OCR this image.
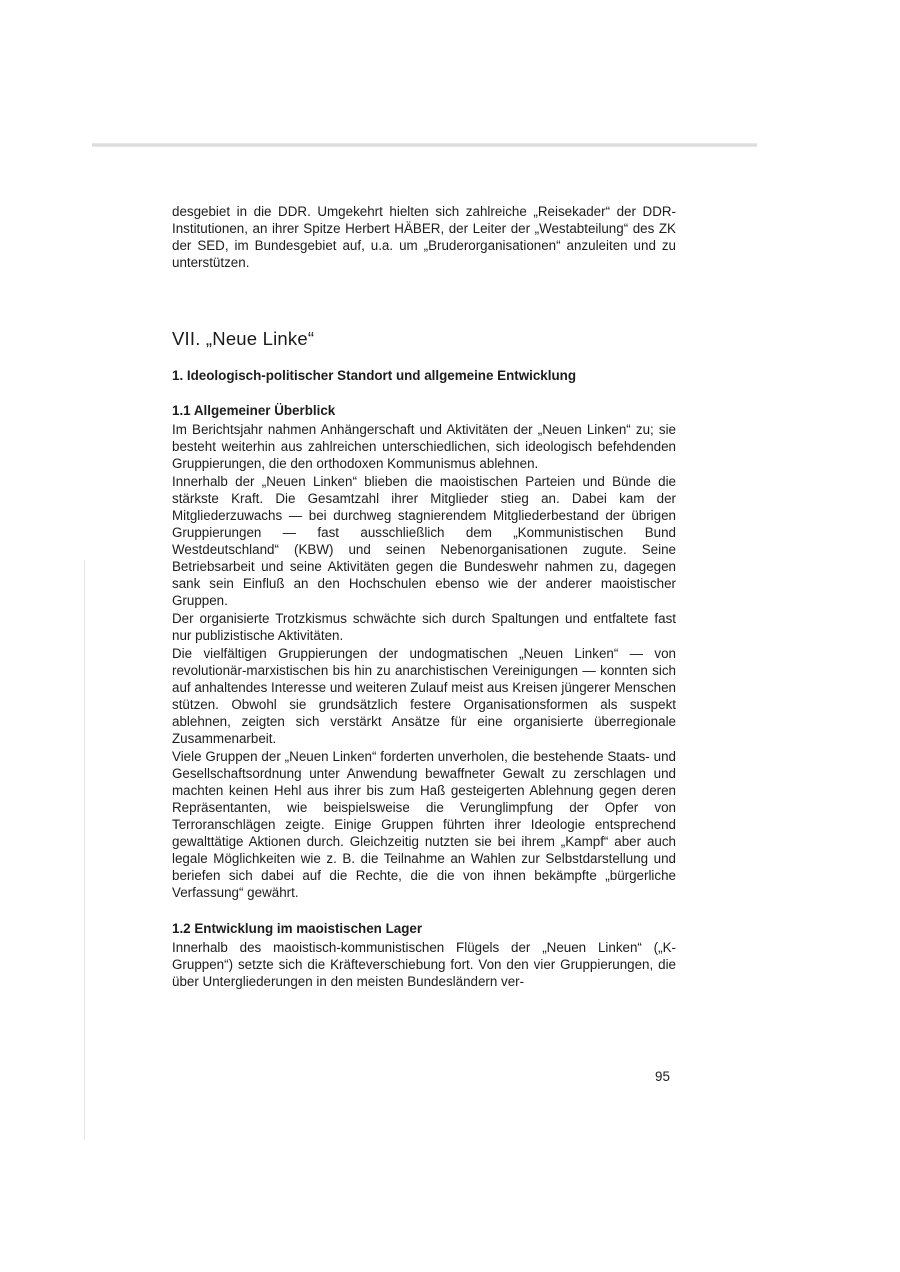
desgebiet in die DDR. Umgekehrt hielten sich zahlreiche „Reisekader“ der DDR-Institutionen, an ihrer Spitze Herbert HÄBER, der Leiter der „Westabteilung“ des ZK der SED, im Bundesgebiet auf, u.a. um „Bruderorganisationen“ anzuleiten und zu unterstützen.

VII. „Neue Linke“
1. Ideologisch-politischer Standort und allgemeine Entwicklung
1.1 Allgemeiner Überblick

Im Berichtsjahr nahmen Anhängerschaft und Aktivitäten der „Neuen Linken“ zu; sie besteht weiterhin aus zahlreichen unterschiedlichen, sich ideologisch befehdenden Gruppierungen, die den orthodoxen Kommunismus ablehnen.

Innerhalb der „Neuen Linken“ blieben die maoistischen Parteien und Bünde die stärkste Kraft. Die Gesamtzahl ihrer Mitglieder stieg an. Dabei kam der Mitgliederzuwachs — bei durchweg stagnierendem Mitgliederbestand der übrigen Gruppierungen — fast ausschließlich dem „Kommunistischen Bund Westdeutschland“ (KBW) und seinen Nebenorganisationen zugute. Seine Betriebsarbeit und seine Aktivitäten gegen die Bundeswehr nahmen zu, dagegen sank sein Einfluß an den Hochschulen ebenso wie der anderer maoistischer Gruppen.

Der organisierte Trotzkismus schwächte sich durch Spaltungen und entfaltete fast nur publizistische Aktivitäten.

Die vielfältigen Gruppierungen der undogmatischen „Neuen Linken“ — von revolutionär-marxistischen bis hin zu anarchistischen Vereinigungen — konnten sich auf anhaltendes Interesse und weiteren Zulauf meist aus Kreisen jüngerer Menschen stützen. Obwohl sie grundsätzlich festere Organisationsformen als suspekt ablehnen, zeigten sich verstärkt Ansätze für eine organisierte überregionale Zusammenarbeit.

Viele Gruppen der „Neuen Linken“ forderten unverholen, die bestehende Staats- und Gesellschaftsordnung unter Anwendung bewaffneter Gewalt zu zerschlagen und machten keinen Hehl aus ihrer bis zum Haß gesteigerten Ablehnung gegen deren Repräsentanten, wie beispielsweise die Verunglimpfung der Opfer von Terroranschlägen zeigte. Einige Gruppen führten ihrer Ideologie entsprechend gewalttätige Aktionen durch. Gleichzeitig nutzten sie bei ihrem „Kampf“ aber auch legale Möglichkeiten wie z. B. die Teilnahme an Wahlen zur Selbstdarstellung und beriefen sich dabei auf die Rechte, die die von ihnen bekämpfte „bürgerliche Verfassung“ gewährt.

1.2 Entwicklung im maoistischen Lager

Innerhalb des maoistisch-kommunistischen Flügels der „Neuen Linken“ („K-Gruppen“) setzte sich die Kräfteverschiebung fort. Von den vier Gruppierungen, die über Untergliederungen in den meisten Bundesländern ver-

95
